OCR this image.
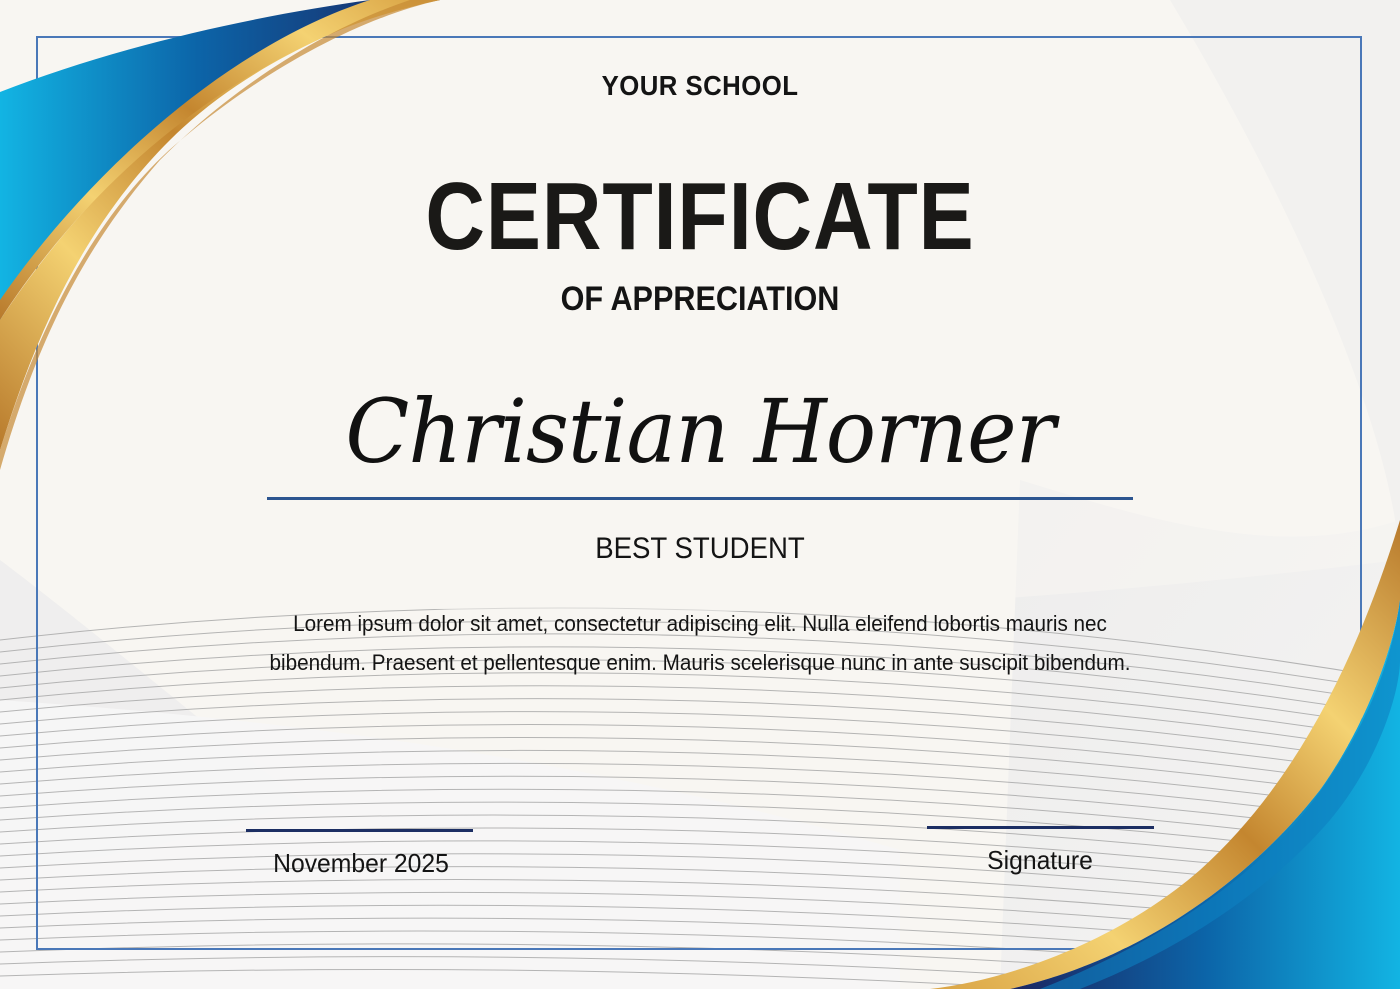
YOUR SCHOOL
CERTIFICATE
OF APPRECIATION
Christian Horner
BEST STUDENT
Lorem ipsum dolor sit amet, consectetur adipiscing elit. Nulla eleifend lobortis mauris nec bibendum. Praesent et pellentesque enim. Mauris scelerisque nunc in ante suscipit bibendum.
November 2025	Signature
